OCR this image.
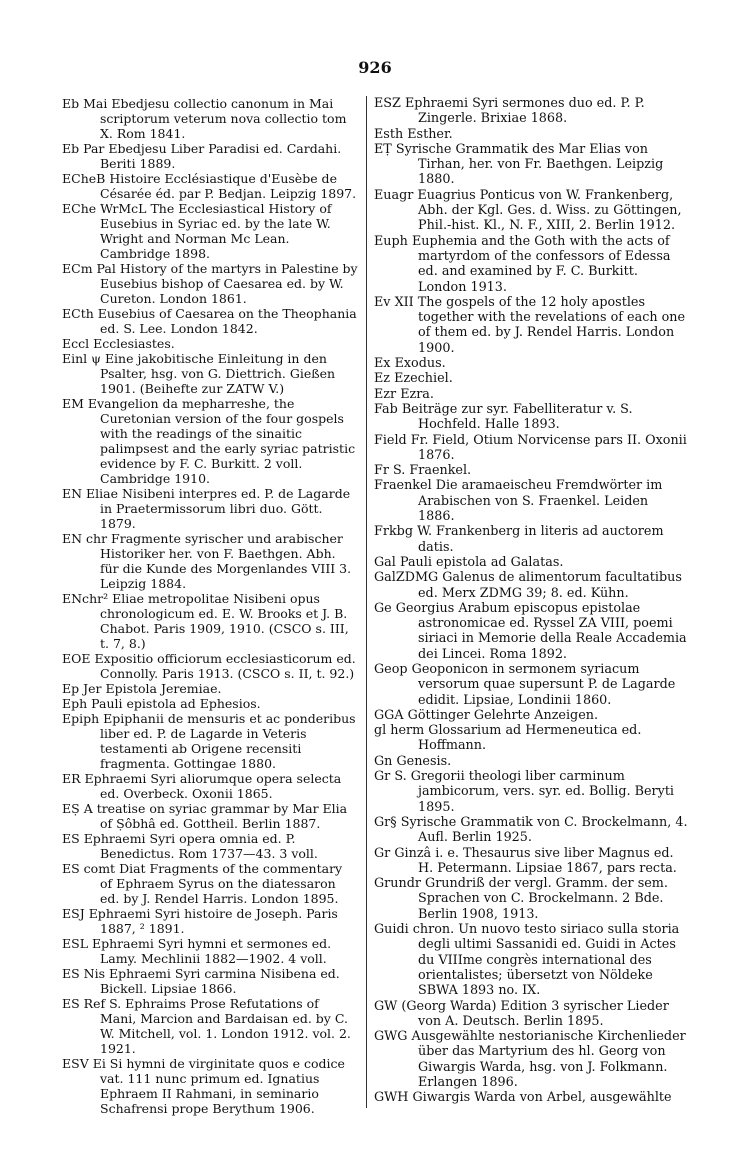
926
Eb Mai Ebedjesu collectio canonum in Mai scriptorum veterum nova collectio tom X. Rom 1841.
Eb Par Ebedjesu Liber Paradisi ed. Cardahi. Beriti 1889.
ECheB Histoire Ecclésiastique d'Eusèbe de Césarée éd. par P. Bedjan. Leipzig 1897.
EChe WrMcL The Ecclesiastical History of Eusebius in Syriac ed. by the late W. Wright and Norman Mc Lean. Cambridge 1898.
ECm Pal History of the martyrs in Palestine by Eusebius bishop of Caesarea ed. by W. Cureton. London 1861.
ECth Eusebius of Caesarea on the Theophania ed. S. Lee. London 1842.
Eccl Ecclesiastes.
Einl ψ Eine jakobitische Einleitung in den Psalter, hsg. von G. Diettrich. Gießen 1901. (Beihefte zur ZATW V.)
EM Evangelion da mepharreshe, the Curetonian version of the four gospels with the readings of the sinaitic palimpsest and the early syriac patristic evidence by F. C. Burkitt. 2 voll. Cambridge 1910.
EN Eliae Nisibeni interpres ed. P. de Lagarde in Praetermissorum libri duo. Gött. 1879.
EN chr Fragmente syrischer und arabischer Historiker her. von F. Baethgen. Abh. für die Kunde des Morgenlandes VIII 3. Leipzig 1884.
ENchr² Eliae metropolitae Nisibeni opus chronologicum ed. E. W. Brooks et J. B. Chabot. Paris 1909, 1910. (CSCO s. III, t. 7, 8.)
EOE Expositio officiorum ecclesiasticorum ed. Connolly. Paris 1913. (CSCO s. II, t. 92.)
Ep Jer Epistola Jeremiae.
Eph Pauli epistola ad Ephesios.
Epiph Epiphanii de mensuris et ac ponderibus liber ed. P. de Lagarde in Veteris testamenti ab Origene recensiti fragmenta. Gottingae 1880.
ER Ephraemi Syri aliorumque opera selecta ed. Overbeck. Oxonii 1865.
EṢ A treatise on syriac grammar by Mar Elia of Ṣôbhâ ed. Gottheil. Berlin 1887.
ES Ephraemi Syri opera omnia ed. P. Benedictus. Rom 1737—43. 3 voll.
ES comt Diat Fragments of the commentary of Ephraem Syrus on the diatessaron ed. by J. Rendel Harris. London 1895.
ESJ Ephraemi Syri histoire de Joseph. Paris 1887, ² 1891.
ESL Ephraemi Syri hymni et sermones ed. Lamy. Mechlinii 1882—1902. 4 voll.
ES Nis Ephraemi Syri carmina Nisibena ed. Bickell. Lipsiae 1866.
ES Ref S. Ephraims Prose Refutations of Mani, Marcion and Bardaisan ed. by C. W. Mitchell, vol. 1. London 1912. vol. 2. 1921.
ESV Ei Si hymni de virginitate quos e codice vat. 111 nunc primum ed. Ignatius Ephraem II Rahmani, in seminario Schafrensi prope Berythum 1906.
ESZ Ephraemi Syri sermones duo ed. P. P. Zingerle. Brixiae 1868.
Esth Esther.
EṬ Syrische Grammatik des Mar Elias von Tirhan, her. von Fr. Baethgen. Leipzig 1880.
Euagr Euagrius Ponticus von W. Frankenberg, Abh. der Kgl. Ges. d. Wiss. zu Göttingen, Phil.-hist. Kl., N. F., XIII, 2. Berlin 1912.
Euph Euphemia and the Goth with the acts of martyrdom of the confessors of Edessa ed. and examined by F. C. Burkitt. London 1913.
Ev XII The gospels of the 12 holy apostles together with the revelations of each one of them ed. by J. Rendel Harris. London 1900.
Ex Exodus.
Ez Ezechiel.
Ezr Ezra.
Fab Beiträge zur syr. Fabelliteratur v. S. Hochfeld. Halle 1893.
Field Fr. Field, Otium Norvicense pars II. Oxonii 1876.
Fr S. Fraenkel.
Fraenkel Die aramaeischeu Fremdwörter im Arabischen von S. Fraenkel. Leiden 1886.
Frkbg W. Frankenberg in literis ad auctorem datis.
Gal Pauli epistola ad Galatas.
GalZDMG Galenus de alimentorum facultatibus ed. Merx ZDMG 39; 8. ed. Kühn.
Ge Georgius Arabum episcopus epistolae astronomicae ed. Ryssel ZA VIII, poemi siriaci in Memorie della Reale Accademia dei Lincei. Roma 1892.
Geop Geoponicon in sermonem syriacum versorum quae supersunt P. de Lagarde edidit. Lipsiae, Londinii 1860.
GGA Göttinger Gelehrte Anzeigen.
gl herm Glossarium ad Hermeneutica ed. Hoffmann.
Gn Genesis.
Gr S. Gregorii theologi liber carminum jambicorum, vers. syr. ed. Bollig. Beryti 1895.
Gr§ Syrische Grammatik von C. Brockelmann, 4. Aufl. Berlin 1925.
Gr Ginzâ i. e. Thesaurus sive liber Magnus ed. H. Petermann. Lipsiae 1867, pars recta.
Grundr Grundriß der vergl. Gramm. der sem. Sprachen von C. Brockelmann. 2 Bde. Berlin 1908, 1913.
Guidi chron. Un nuovo testo siriaco sulla storia degli ultimi Sassanidi ed. Guidi in Actes du VIIIme congrès international des orientalistes; übersetzt von Nöldeke SBWA 1893 no. IX.
GW (Georg Warda) Edition 3 syrischer Lieder von A. Deutsch. Berlin 1895.
GWG Ausgewählte nestorianische Kirchenlieder über das Martyrium des hl. Georg von Giwargis Warda, hsg. von J. Folkmann. Erlangen 1896.
GWH Giwargis Warda von Arbel, ausgewählte
